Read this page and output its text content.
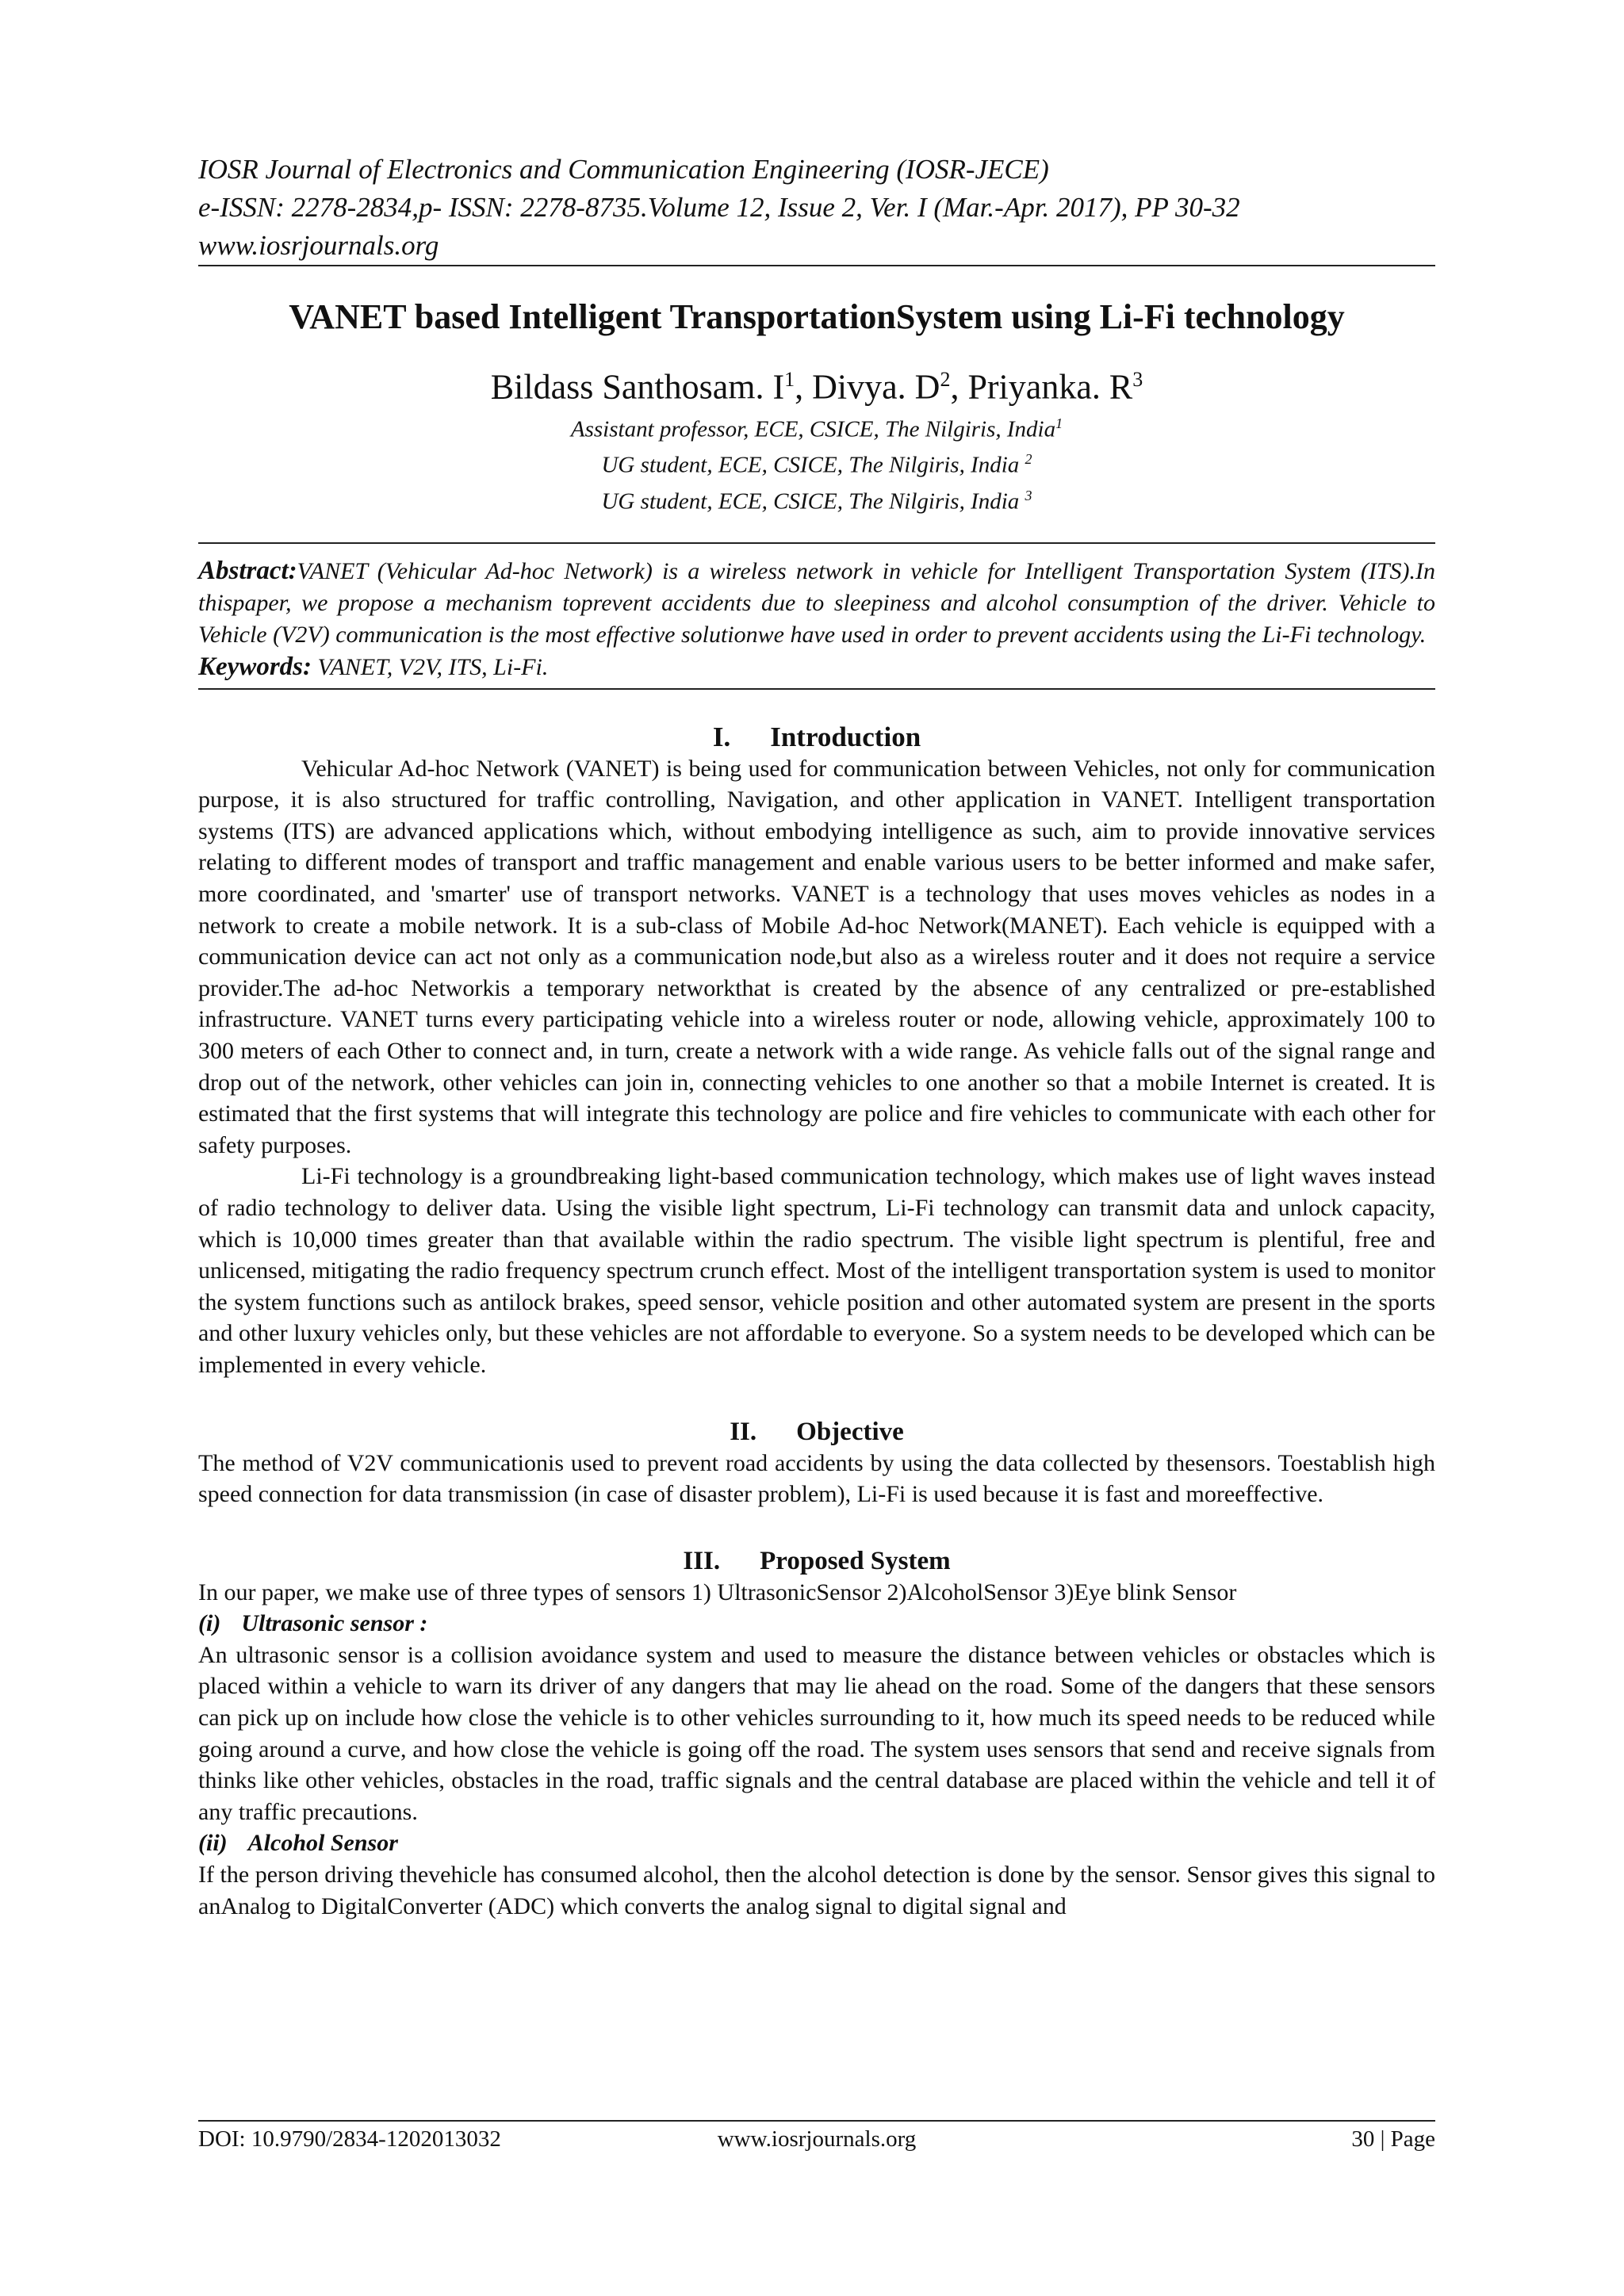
IOSR Journal of Electronics and Communication Engineering (IOSR-JECE)
e-ISSN: 2278-2834,p- ISSN: 2278-8735.Volume 12, Issue 2, Ver. I (Mar.-Apr. 2017), PP 30-32
www.iosrjournals.org
VANET based Intelligent TransportationSystem using Li-Fi technology
Bildass Santhosam. $I^1$, Divya. $D^2$, Priyanka. $R^3$
Assistant professor, ECE, CSICE, The Nilgiris, India$^1$
UG student, ECE, CSICE, The Nilgiris, India $^2$
UG student, ECE, CSICE, The Nilgiris, India $^3$

Abstract:VANET (Vehicular Ad-hoc Network) is a wireless network in vehicle for Intelligent Transportation System (ITS).In thispaper, we propose a mechanism toprevent accidents due to sleepiness and alcohol consumption of the driver. Vehicle to Vehicle (V2V) communication is the most effective solutionwe have used in order to prevent accidents using the Li-Fi technology.

Keywords: VANET, V2V, ITS, Li-Fi.

I. Introduction

Vehicular Ad-hoc Network (VANET) is being used for communication between Vehicles, not only for communication purpose, it is also structured for traffic controlling, Navigation, and other application in VANET. Intelligent transportation systems (ITS) are advanced applications which, without embodying intelligence as such, aim to provide innovative services relating to different modes of transport and traffic management and enable various users to be better informed and make safer, more coordinated, and 'smarter' use of transport networks. VANET is a technology that uses moves vehicles as nodes in a network to create a mobile network. It is a sub-class of Mobile Ad-hoc Network(MANET). Each vehicle is equipped with a communication device can act not only as a communication node,but also as a wireless router and it does not require a service provider.The ad-hoc Networkis a temporary networkthat is created by the absence of any centralized or pre-established infrastructure. VANET turns every participating vehicle into a wireless router or node, allowing vehicle, approximately 100 to 300 meters of each Other to connect and, in turn, create a network with a wide range. As vehicle falls out of the signal range and drop out of the network, other vehicles can join in, connecting vehicles to one another so that a mobile Internet is created. It is estimated that the first systems that will integrate this technology are police and fire vehicles to communicate with each other for safety purposes.

Li-Fi technology is a groundbreaking light-based communication technology, which makes use of light waves instead of radio technology to deliver data. Using the visible light spectrum, Li-Fi technology can transmit data and unlock capacity, which is 10,000 times greater than that available within the radio spectrum. The visible light spectrum is plentiful, free and unlicensed, mitigating the radio frequency spectrum crunch effect. Most of the intelligent transportation system is used to monitor the system functions such as antilock brakes, speed sensor, vehicle position and other automated system are present in the sports and other luxury vehicles only, but these vehicles are not affordable to everyone. So a system needs to be developed which can be implemented in every vehicle.

II. Objective

The method of V2V communicationis used to prevent road accidents by using the data collected by thesensors. Toestablish high speed connection for data transmission (in case of disaster problem), Li-Fi is used because it is fast and moreeffective.

III. Proposed System

In our paper, we make use of three types of sensors 1) UltrasonicSensor 2)AlcoholSensor 3)Eye blink Sensor

(i) Ultrasonic sensor :

An ultrasonic sensor is a collision avoidance system and used to measure the distance between vehicles or obstacles which is placed within a vehicle to warn its driver of any dangers that may lie ahead on the road. Some of the dangers that these sensors can pick up on include how close the vehicle is to other vehicles surrounding to it, how much its speed needs to be reduced while going around a curve, and how close the vehicle is going off the road. The system uses sensors that send and receive signals from thinks like other vehicles, obstacles in the road, traffic signals and the central database are placed within the vehicle and tell it of any traffic precautions.

(ii) Alcohol Sensor

If the person driving thevehicle has consumed alcohol, then the alcohol detection is done by the sensor. Sensor gives this signal to anAnalog to DigitalConverter (ADC) which converts the analog signal to digital signal and

DOI: 10.9790/2834-1202013032	www.iosrjournals.org	30 | Page
